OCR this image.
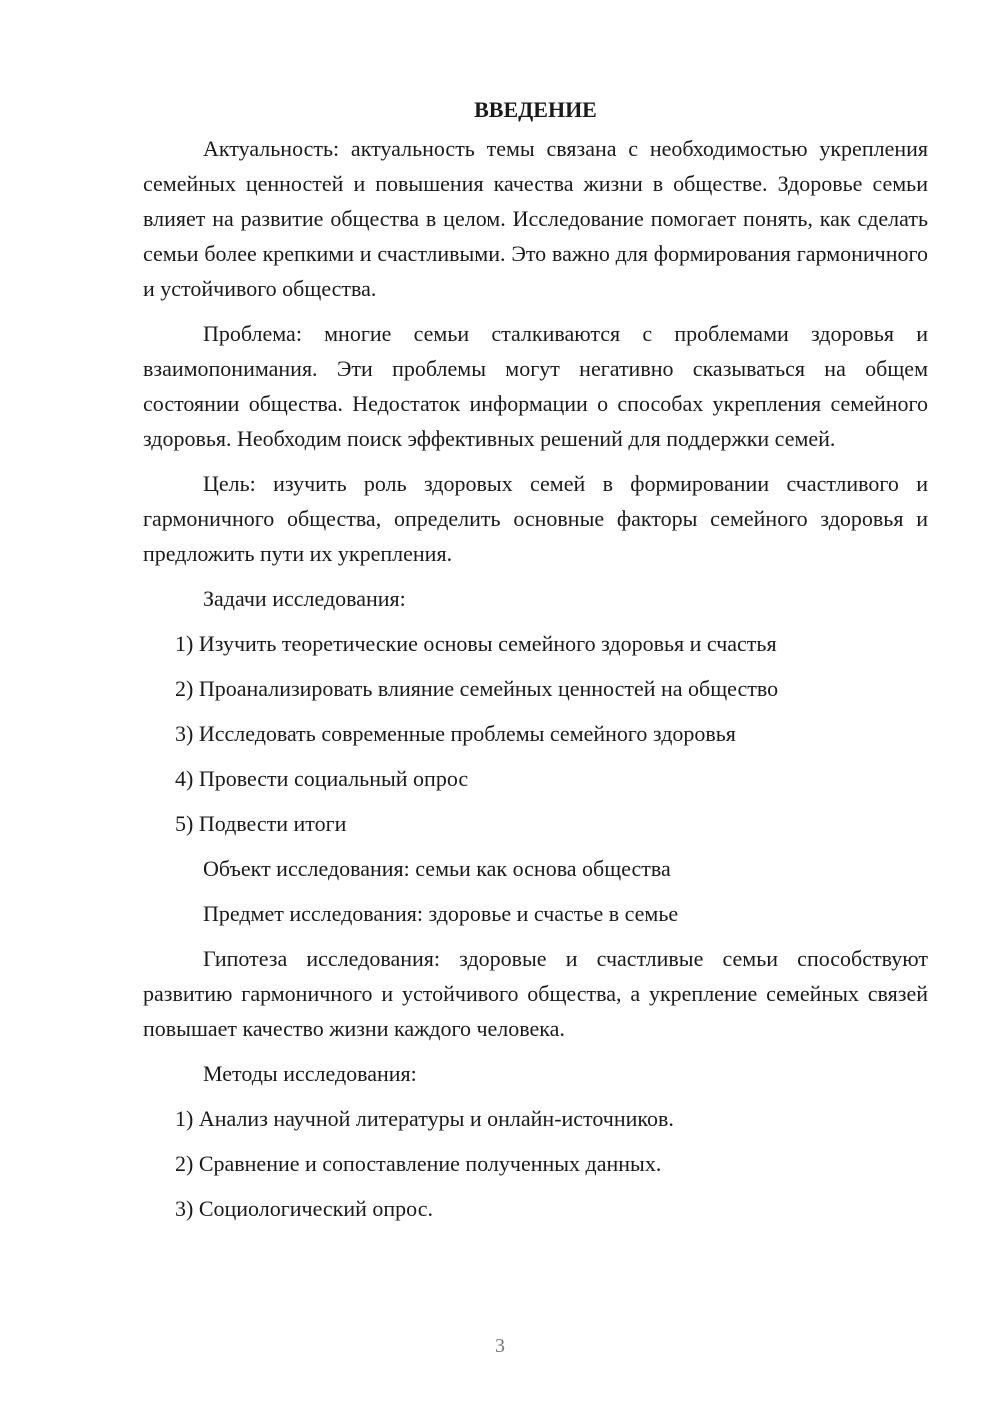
ВВЕДЕНИЕ

Актуальность: актуальность темы связана с необходимостью укрепления семейных ценностей и повышения качества жизни в обществе. Здоровье семьи влияет на развитие общества в целом. Исследование помогает понять, как сделать семьи более крепкими и счастливыми. Это важно для формирования гармоничного и устойчивого общества.

Проблема: многие семьи сталкиваются с проблемами здоровья и взаимопонимания. Эти проблемы могут негативно сказываться на общем состоянии общества. Недостаток информации о способах укрепления семейного здоровья. Необходим поиск эффективных решений для поддержки семей.

Цель: изучить роль здоровых семей в формировании счастливого и гармоничного общества, определить основные факторы семейного здоровья и предложить пути их укрепления.

Задачи исследования:
1) Изучить теоретические основы семейного здоровья и счастья
2) Проанализировать влияние семейных ценностей на общество
3) Исследовать современные проблемы семейного здоровья
4) Провести социальный опрос
5) Подвести итоги
Объект исследования: семьи как основа общества
Предмет исследования: здоровье и счастье в семье

Гипотеза исследования: здоровые и счастливые семьи способствуют развитию гармоничного и устойчивого общества, а укрепление семейных связей повышает качество жизни каждого человека.

Методы исследования:
1) Анализ научной литературы и онлайн-источников.
2) Сравнение и сопоставление полученных данных.
3) Социологический опрос.
3
